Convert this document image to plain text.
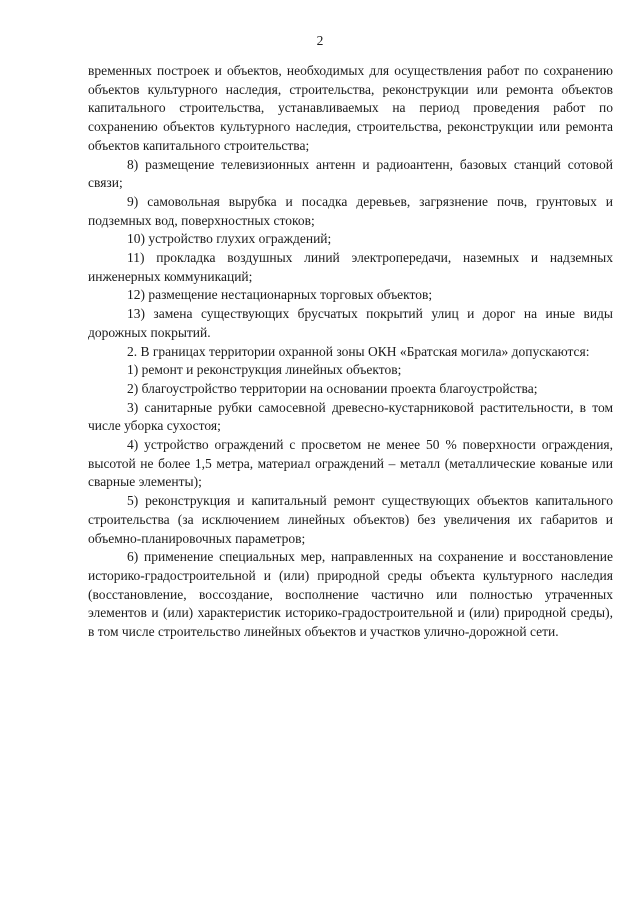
2

временных построек и объектов, необходимых для осуществления работ по сохранению объектов культурного наследия, строительства, реконструкции или ремонта объектов капитального строительства, устанавливаемых на период проведения работ по сохранению объектов культурного наследия, строительства, реконструкции или ремонта объектов капитального строительства;

8) размещение телевизионных антенн и радиоантенн, базовых станций сотовой связи;

9) самовольная вырубка и посадка деревьев, загрязнение почв, грунтовых и подземных вод, поверхностных стоков;

10) устройство глухих ограждений;

11) прокладка воздушных линий электропередачи, наземных и надземных инженерных коммуникаций;

12) размещение нестационарных торговых объектов;

13) замена существующих брусчатых покрытий улиц и дорог на иные виды дорожных покрытий.

2. В границах территории охранной зоны ОКН «Братская могила» допускаются:

1) ремонт и реконструкция линейных объектов;

2) благоустройство территории на основании проекта благоустройства;

3) санитарные рубки самосевной древесно-кустарниковой растительности, в том числе уборка сухостоя;

4) устройство ограждений с просветом не менее 50 % поверхности ограждения, высотой не более 1,5 метра, материал ограждений – металл (металлические кованые или сварные элементы);

5) реконструкция и капитальный ремонт существующих объектов капитального строительства (за исключением линейных объектов) без увеличения их габаритов и объемно-планировочных параметров;

6) применение специальных мер, направленных на сохранение и восстановление историко-градостроительной и (или) природной среды объекта культурного наследия (восстановление, воссоздание, восполнение частично или полностью утраченных элементов и (или) характеристик историко-градостроительной и (или) природной среды), в том числе строительство линейных объектов и участков улично-дорожной сети.
